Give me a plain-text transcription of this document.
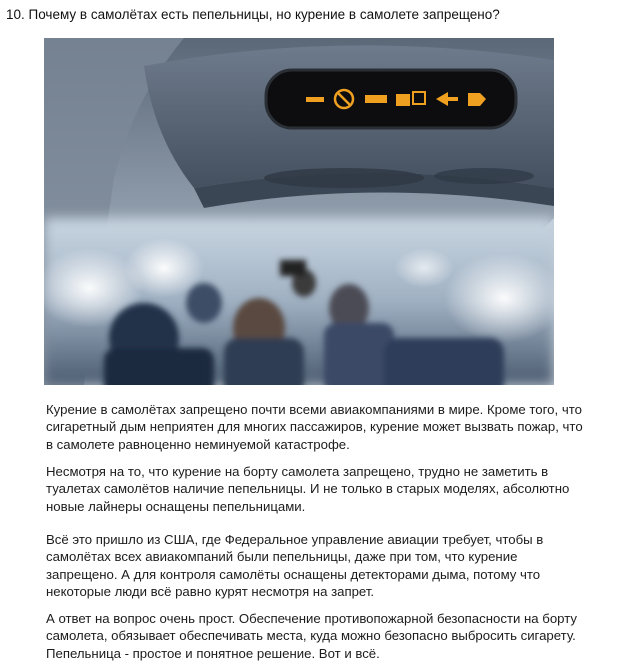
10. Почему в самолётах есть пепельницы, но курение в самолете запрещено?

Курение в самолётах запрещено почти всеми авиакомпаниями в мире. Кроме того, что сигаретный дым неприятен для многих пассажиров, курение может вызвать пожар, что в самолете равноценно неминуемой катастрофе.

Несмотря на то, что курение на борту самолета запрещено, трудно не заметить в туалетах самолётов наличие пепельницы. И не только в старых моделях, абсолютно новые лайнеры оснащены пепельницами.

Всё это пришло из США, где Федеральное управление авиации требует, чтобы в самолётах всех авиакомпаний были пепельницы, даже при том, что курение запрещено. А для контроля самолёты оснащены детекторами дыма, потому что некоторые люди всё равно курят несмотря на запрет.

А ответ на вопрос очень прост. Обеспечение противопожарной безопасности на борту самолета, обязывает обеспечивать места, куда можно безопасно выбросить сигарету. Пепельница - простое и понятное решение. Вот и всё.
